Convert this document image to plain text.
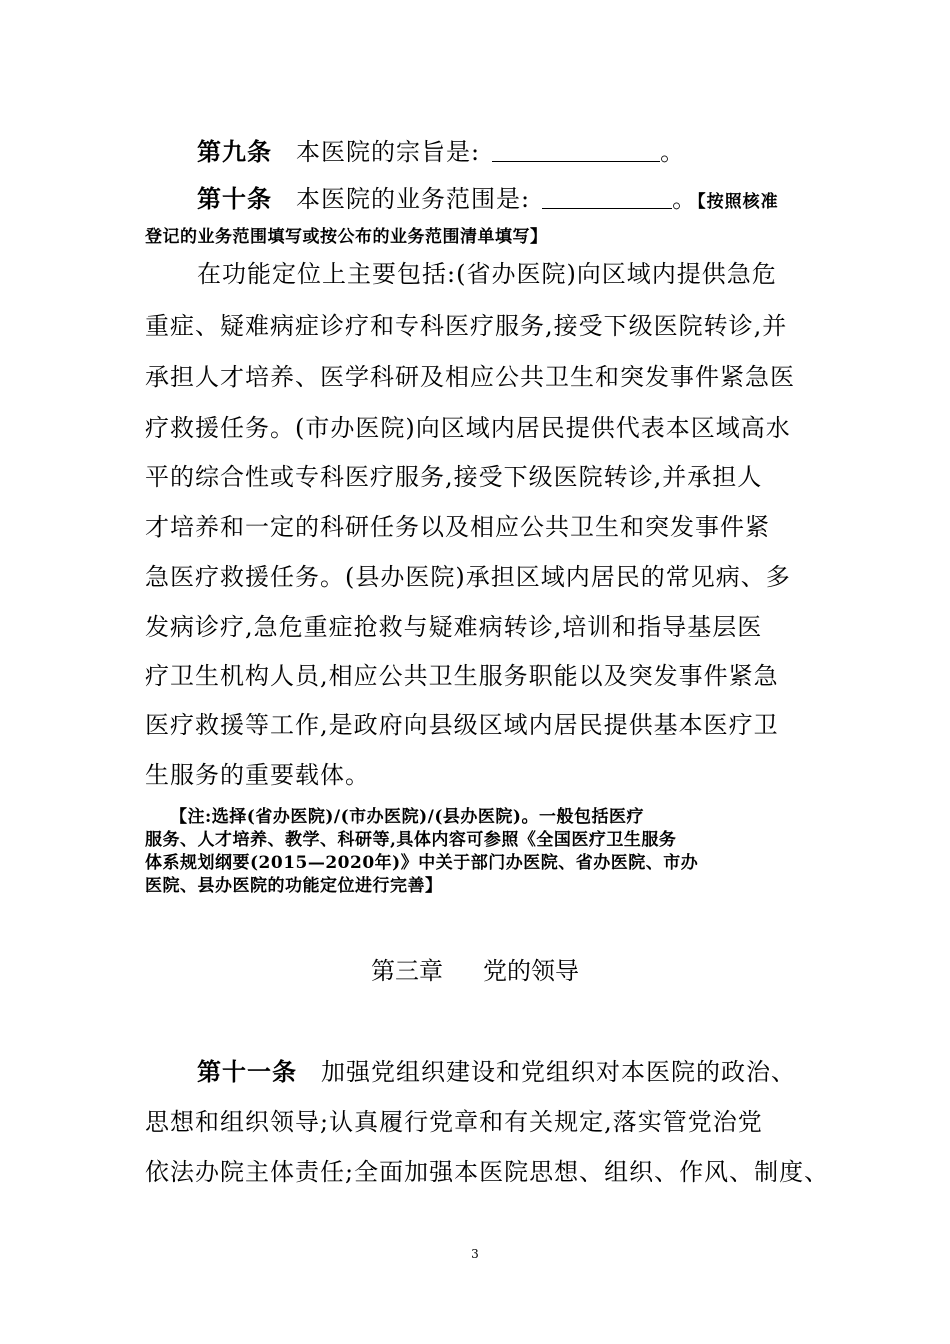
第九条 本医院的宗旨是:	。
第十条 本医院的业务范围是:	。【按照核准
登记的业务范围填写或按公布的业务范围清单填写】
在功能定位上主要包括:(省办医院)向区域内提供急危
重症、疑难病症诊疗和专科医疗服务,接受下级医院转诊,并
承担人才培养、医学科研及相应公共卫生和突发事件紧急医
疗救援任务。(市办医院)向区域内居民提供代表本区域高水
平的综合性或专科医疗服务,接受下级医院转诊,并承担人
才培养和一定的科研任务以及相应公共卫生和突发事件紧
急医疗救援任务。(县办医院)承担区域内居民的常见病、多
发病诊疗,急危重症抢救与疑难病转诊,培训和指导基层医
疗卫生机构人员,相应公共卫生服务职能以及突发事件紧急
医疗救援等工作,是政府向县级区域内居民提供基本医疗卫
生服务的重要载体。
【注:选择(省办医院)/(市办医院)/(县办医院)。一般包括医疗
服务、人才培养、教学、科研等,具体内容可参照《全国医疗卫生服务
体系规划纲要(2015—2020年)》中关于部门办医院、省办医院、市办
医院、县办医院的功能定位进行完善】
第三章 党的领导
第十一条 加强党组织建设和党组织对本医院的政治、
思想和组织领导;认真履行党章和有关规定,落实管党治党
依法办院主体责任;全面加强本医院思想、组织、作风、制度、
3
